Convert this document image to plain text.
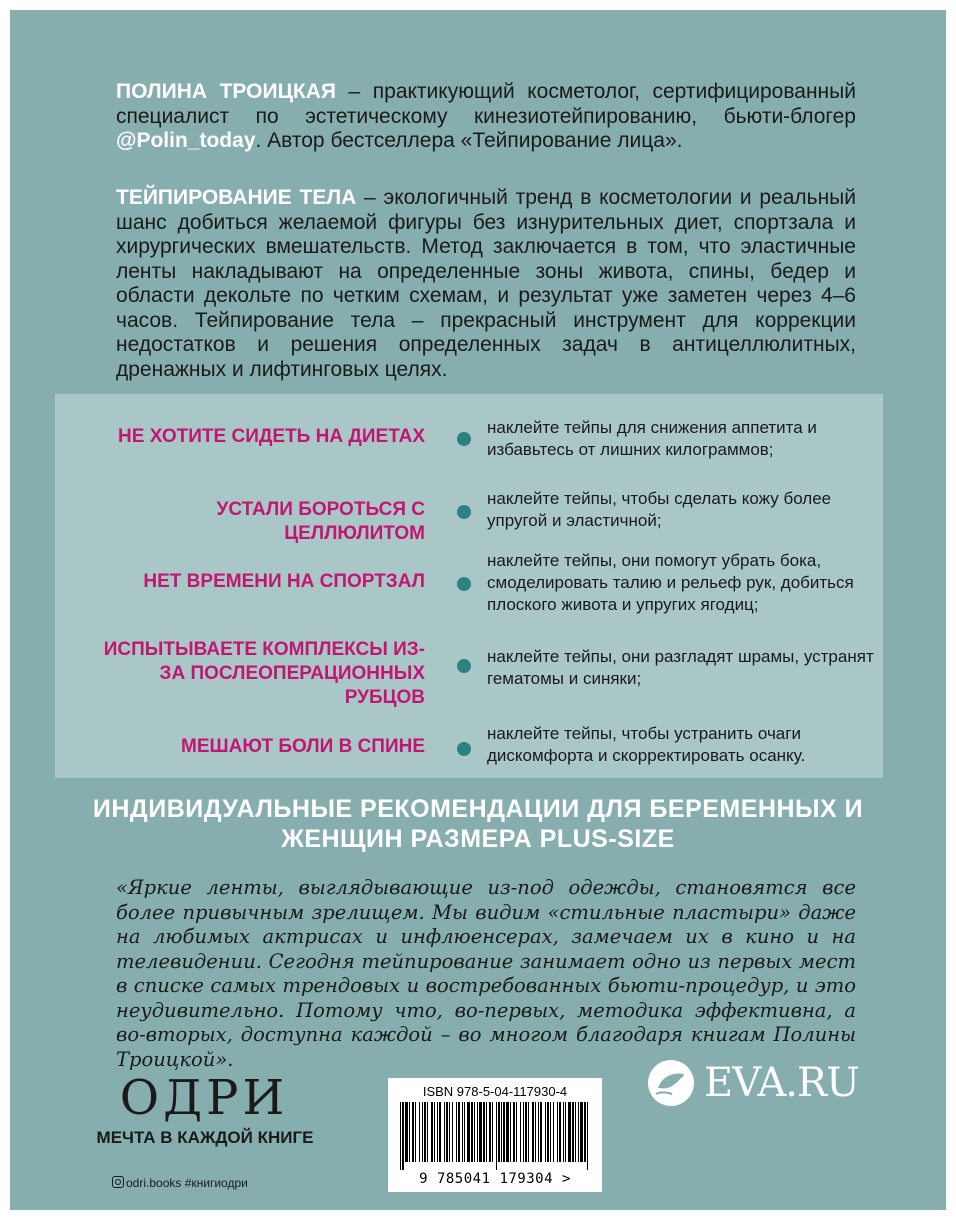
ПОЛИНА ТРОИЦКАЯ – практикующий косметолог, сертифицированный специалист по эстетическому кинезиотейпированию, бьюти-блогер @Polin_today. Автор бестселлера «Тейпирование лица».

ТЕЙПИРОВАНИЕ ТЕЛА – экологичный тренд в косметологии и реальный шанс добиться желаемой фигуры без изнурительных диет, спортзала и хирургических вмешательств. Метод заключается в том, что эластичные ленты накладывают на определенные зоны живота, спины, бедер и области декольте по четким схемам, и результат уже заметен через 4–6 часов. Тейпирование тела – прекрасный инструмент для коррекции недостатков и решения определенных задач в антицеллюлитных, дренажных и лифтинговых целях.

НЕ ХОТИТЕ СИДЕТЬ НА ДИЕТАХ	наклейте тейпы для снижения аппетита и избавьтесь от лишних килограммов;
УСТАЛИ БОРОТЬСЯ С ЦЕЛЛЮЛИТОМ
наклейте тейпы, чтобы сделать кожу более упругой и эластичной;
НЕТ ВРЕМЕНИ НА СПОРТЗАЛ
наклейте тейпы, они помогут убрать бока, смоделировать талию и рельеф рук, добиться плоского живота и упругих ягодиц;
ИСПЫТЫВАЕТЕ КОМПЛЕКСЫ ИЗ-ЗА ПОСЛЕОПЕРАЦИОННЫХ РУБЦОВ
наклейте тейпы, они разгладят шрамы, устранят гематомы и синяки;
МЕШАЮТ БОЛИ В СПИНЕ
наклейте тейпы, чтобы устранить очаги дискомфорта и скорректировать осанку.
ИНДИВИДУАЛЬНЫЕ РЕКОМЕНДАЦИИ ДЛЯ БЕРЕМЕННЫХ И ЖЕНЩИН РАЗМЕРА PLUS-SIZE

«Яркие ленты, выглядывающие из-под одежды, становятся все более привычным зрелищем. Мы видим «стильные пластыри» даже на любимых актрисах и инфлюенсерах, замечаем их в кино и на телевидении. Сегодня тейпирование занимает одно из первых мест в списке самых трендовых и востребованных бьюти-процедур, и это неудивительно. Потому что, во-первых, методика эффективна, а во-вторых, доступна каждой – во многом благодаря книгам Полины Троицкой».

ОДРИ
МЕЧТА В КАЖДОЙ КНИГЕ
odri.books #книгиодри
ISBN 978-5-04-117930-4
9 785041 179304 >
EVA.RU
